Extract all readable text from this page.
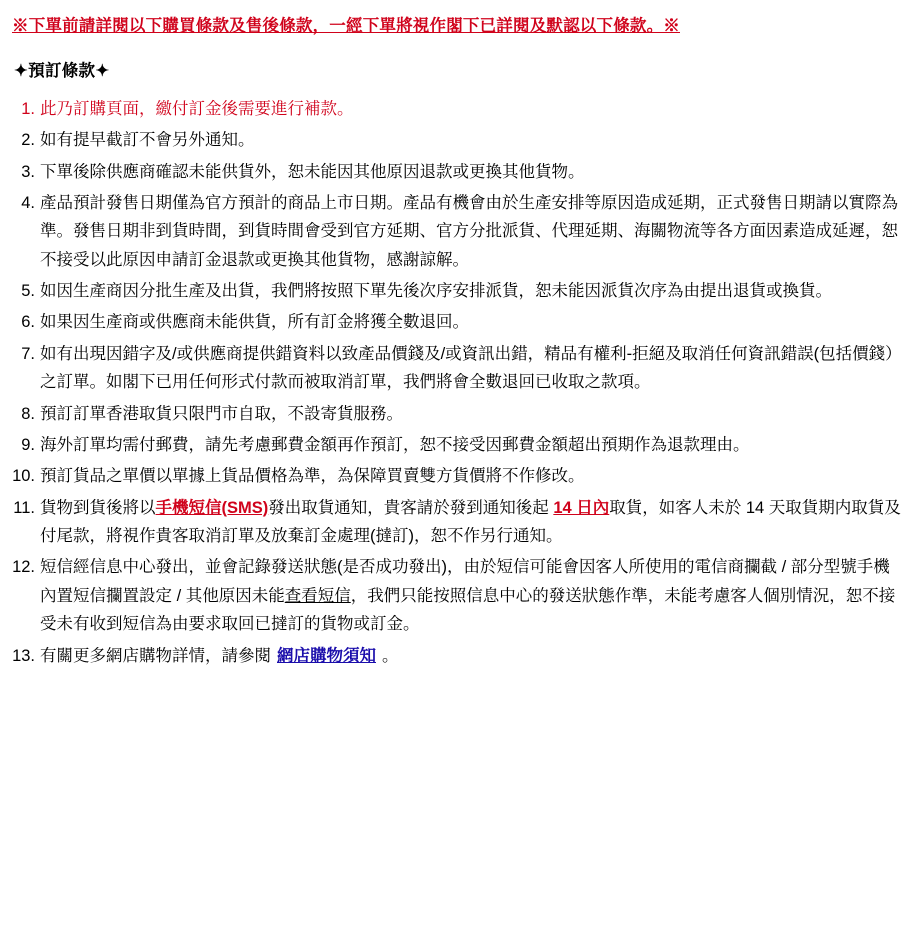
※下單前請詳閱以下購買條款及售後條款，一經下單將視作閣下已詳閱及默認以下條款。※
✦預訂條款✦
1. 此乃訂購頁面，繳付訂金後需要進行補款。
2. 如有提早截訂不會另外通知。
3. 下單後除供應商確認未能供貨外，恕未能因其他原因退款或更換其他貨物。
4. 產品預計發售日期僅為官方預計的商品上市日期。產品有機會由於生產安排等原因造成延期，正式發售日期請以實際為準。發售日期非到貨時間，到貨時間會受到官方延期、官方分批派貨、代理延期、海關物流等各方面因素造成延遲，恕不接受以此原因申請訂金退款或更換其他貨物，感謝諒解。
5. 如因生產商因分批生產及出貨，我們將按照下單先後次序安排派貨，恕未能因派貨次序為由提出退貨或換貨。
6. 如果因生產商或供應商未能供貨，所有訂金將獲全數退回。
7. 如有出現因錯字及/或供應商提供錯資料以致產品價錢及/或資訊出錯，精品有權利-拒絕及取消任何資訊錯誤(包括價錢）之訂單。如閣下已用任何形式付款而被取消訂單，我們將會全數退回已收取之款項。
8. 預訂訂單香港取貨只限門市自取，不設寄貨服務。
9. 海外訂單均需付郵費，請先考慮郵費金額再作預訂，恕不接受因郵費金額超出預期作為退款理由。
10. 預訂貨品之單價以單據上貨品價格為準，為保障買賣雙方貨價將不作修改。
11. 貨物到貨後將以手機短信(SMS)發出取貨通知，貴客請於發到通知後起 14 日內取貨，如客人未於 14 天取貨期内取貨及付尾款，將視作貴客取消訂單及放棄訂金處理(撻訂)，恕不作另行通知。
12. 短信經信息中心發出，並會記錄發送狀態(是否成功發出)，由於短信可能會因客人所使用的電信商攔截 / 部分型號手機內置短信攔置設定 / 其他原因未能查看短信，我們只能按照信息中心的發送狀態作準，未能考慮客人個別情況，恕不接受未有收到短信為由要求取回已撻訂的貨物或訂金。
13. 有關更多網店購物詳情，請參閱 網店購物須知 。
